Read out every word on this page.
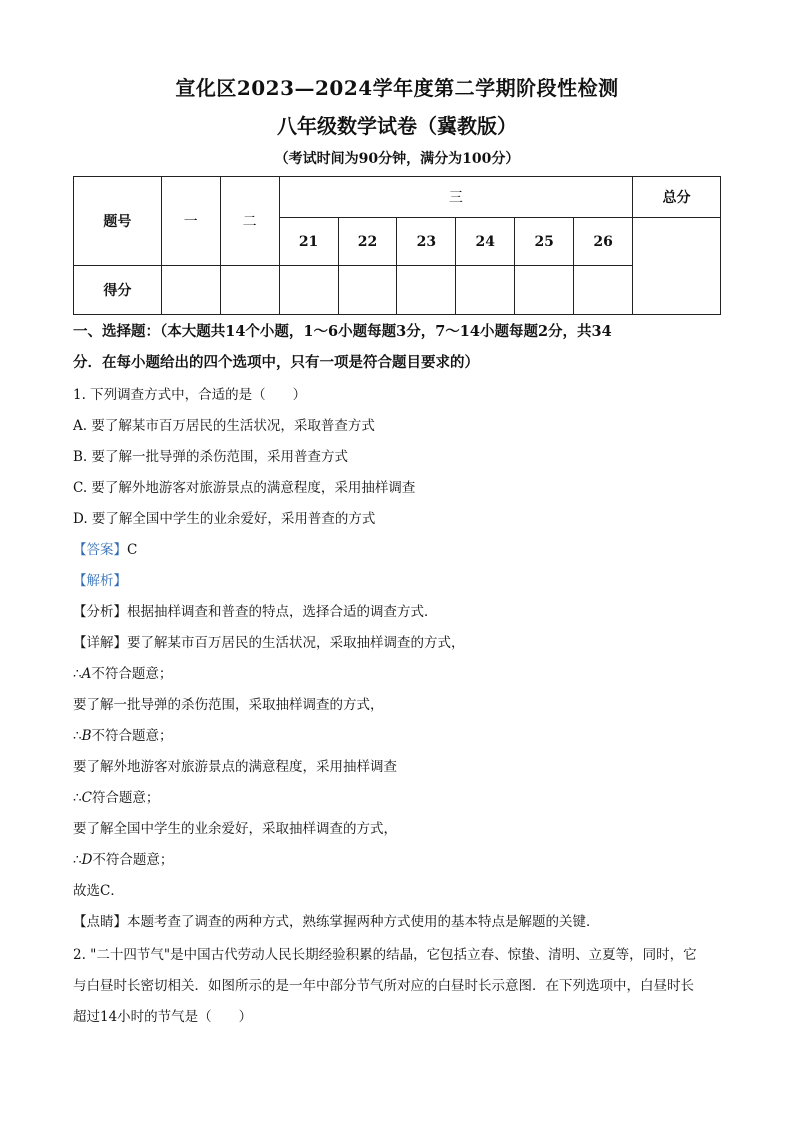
宣化区2023—2024学年度第二学期阶段性检测
八年级数学试卷（冀教版）
（考试时间为90分钟，满分为100分）
题号	一	二	三						总分
			21	22	23	24	25	26	
得分									
一、选择题：（本大题共14个小题，1～6小题每题3分，7～14小题每题2分，共34
分．在每小题给出的四个选项中，只有一项是符合题目要求的）
1. 下列调查方式中，合适的是（　　）
A. 要了解某市百万居民的生活状况，采取普查方式
B. 要了解一批导弹的杀伤范围，采用普查方式
C. 要了解外地游客对旅游景点的满意程度，采用抽样调查
D. 要了解全国中学生的业余爱好，采用普查的方式
【答案】C
【解析】
【分析】根据抽样调查和普查的特点，选择合适的调查方式．
【详解】要了解某市百万居民的生活状况，采取抽样调查的方式，
∴A不符合题意；
要了解一批导弹的杀伤范围，采取抽样调查的方式，
∴B不符合题意；
要了解外地游客对旅游景点的满意程度，采用抽样调查
∴C符合题意；
要了解全国中学生的业余爱好，采取抽样调查的方式，
∴D不符合题意；
故选C．
【点睛】本题考查了调查的两种方式，熟练掌握两种方式使用的基本特点是解题的关键．
2. "二十四节气"是中国古代劳动人民长期经验积累的结晶，它包括立春、惊蛰、清明、立夏等，同时，它
与白昼时长密切相关．如图所示的是一年中部分节气所对应的白昼时长示意图．在下列选项中，白昼时长
超过14小时的节气是（　　）
